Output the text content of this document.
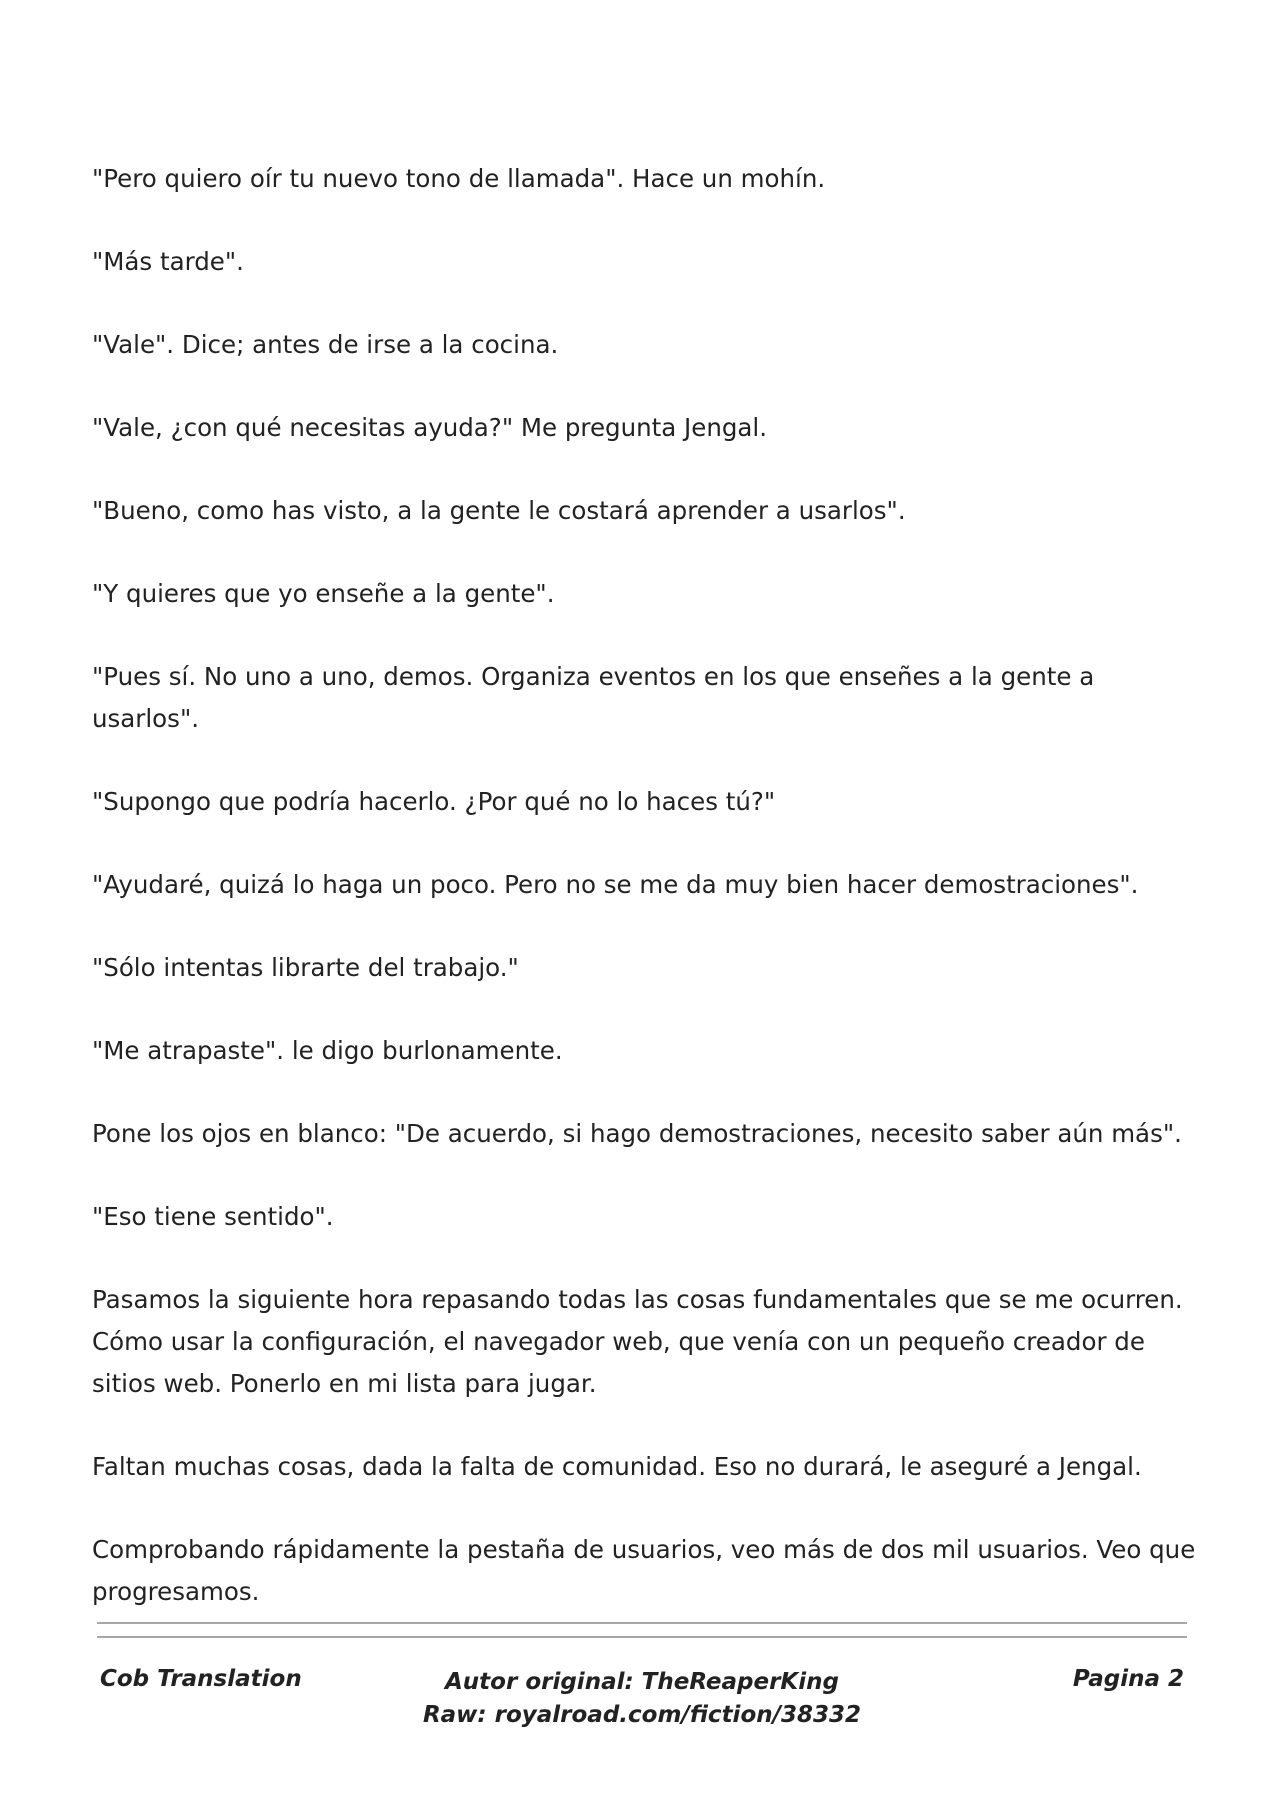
"Pero quiero oír tu nuevo tono de llamada". Hace un mohín.

"Más tarde".

"Vale". Dice; antes de irse a la cocina.

"Vale, ¿con qué necesitas ayuda?" Me pregunta Jengal.

"Bueno, como has visto, a la gente le costará aprender a usarlos".

"Y quieres que yo enseñe a la gente".

"Pues sí. No uno a uno, demos. Organiza eventos en los que enseñes a la gente a usarlos".

"Supongo que podría hacerlo. ¿Por qué no lo haces tú?"

"Ayudaré, quizá lo haga un poco. Pero no se me da muy bien hacer demostraciones".

"Sólo intentas librarte del trabajo."

"Me atrapaste". le digo burlonamente.

Pone los ojos en blanco: "De acuerdo, si hago demostraciones, necesito saber aún más".

"Eso tiene sentido".

Pasamos la siguiente hora repasando todas las cosas fundamentales que se me ocurren. Cómo usar la configuración, el navegador web, que venía con un pequeño creador de sitios web. Ponerlo en mi lista para jugar.

Faltan muchas cosas, dada la falta de comunidad. Eso no durará, le aseguré a Jengal.

Comprobando rápidamente la pestaña de usuarios, veo más de dos mil usuarios. Veo que progresamos.

Cob Translation	Autor original: TheReaperKing
Raw: royalroad.com/fiction/38332
Pagina 2
